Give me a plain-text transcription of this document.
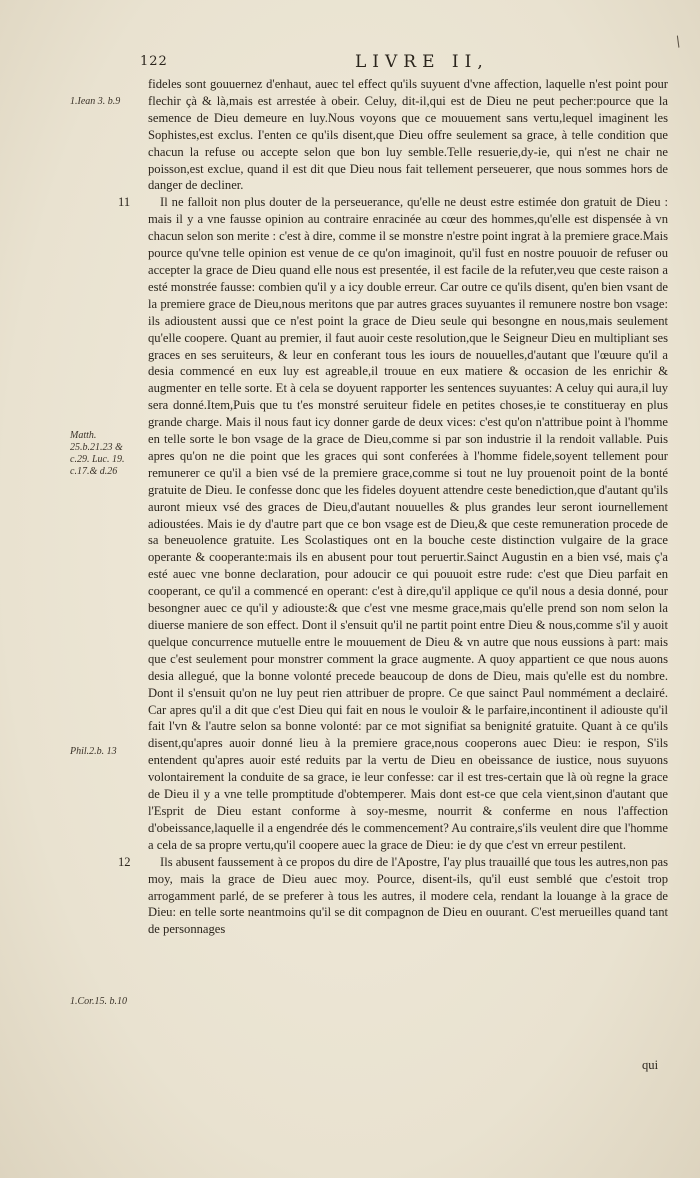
/
122	LIVRE II,
1.Iean 3. b.9
Matth. 25.b.21.23 & c.29. Luc. 19. c.17.& d.26
Phil.2.b. 13
1.Cor.15. b.10

fideles sont gouuernez d'enhaut, auec tel effect qu'ils suyuent d'vne affection, laquelle n'est point pour flechir çà & là,mais est arrestée à obeir. Celuy, dit-il,qui est de Dieu ne peut pecher:pource que la semence de Dieu demeure en luy.Nous voyons que ce mouuement sans vertu,lequel imaginent les Sophistes,est exclus. I'enten ce qu'ils disent,que Dieu offre seulement sa grace, à telle condition que chacun la refuse ou accepte selon que bon luy semble.Telle resuerie,dy-ie, qui n'est ne chair ne poisson,est exclue, quand il est dit que Dieu nous fait tellement perseuerer, que nous sommes hors de danger de decliner.

11	Il ne falloit non plus douter de la perseuerance, qu'elle ne deust estre estimée don gratuit de Dieu : mais il y a vne fausse opinion au contraire enracinée au cœur des hommes,qu'elle est dispensée à vn chacun selon son merite : c'est à dire, comme il se monstre n'estre point ingrat à la premiere grace.Mais pource qu'vne telle opinion est venue de ce qu'on imaginoit, qu'il fust en nostre pouuoir de refuser ou accepter la grace de Dieu quand elle nous est presentée, il est facile de la refuter,veu que ceste raison a esté monstrée fausse: combien qu'il y a icy double erreur. Car outre ce qu'ils disent, qu'en bien vsant de la premiere grace de Dieu,nous meritons que par autres graces suyuantes il remunere nostre bon vsage: ils adioustent aussi que ce n'est point la grace de Dieu seule qui besongne en nous,mais seulement qu'elle coopere. Quant au premier, il faut auoir ceste resolution,que le Seigneur Dieu en multipliant ses graces en ses seruiteurs, & leur en conferant tous les iours de nouuelles,d'autant que l'œuure qu'il a desia commencé en eux luy est agreable,il trouue en eux matiere & occasion de les enrichir & augmenter en telle sorte. Et à cela se doyuent rapporter les sentences suyuantes: A celuy qui aura,il luy sera donné.Item,Puis que tu t'es monstré seruiteur fidele en petites choses,ie te constitueray en plus grande charge. Mais il nous faut icy donner garde de deux vices: c'est qu'on n'attribue point à l'homme en telle sorte le bon vsage de la grace de Dieu,comme si par son industrie il la rendoit vallable. Puis apres qu'on ne die point que les graces qui sont conferées à l'homme fidele,soyent tellement pour remunerer ce qu'il a bien vsé de la premiere grace,comme si tout ne luy prouenoit point de la bonté gratuite de Dieu. Ie confesse donc que les fideles doyuent attendre ceste benediction,que d'autant qu'ils auront mieux vsé des graces de Dieu,d'autant nouuelles & plus grandes leur seront iournellement adioustées. Mais ie dy d'autre part que ce bon vsage est de Dieu,& que ceste remuneration procede de sa beneuolence gratuite. Les Scolastiques ont en la bouche ceste distinction vulgaire de la grace operante & cooperante:mais ils en abusent pour tout peruertir.Sainct Augustin en a bien vsé, mais ç'a esté auec vne bonne declaration, pour adoucir ce qui pouuoit estre rude: c'est que Dieu parfait en cooperant, ce qu'il a commencé en operant: c'est à dire,qu'il applique ce qu'il nous a desia donné, pour besongner auec ce qu'il y adiouste:& que c'est vne mesme grace,mais qu'elle prend son nom selon la diuerse maniere de son effect. Dont il s'ensuit qu'il ne partit point entre Dieu & nous,comme s'il y auoit quelque concurrence mutuelle entre le mouuement de Dieu & vn autre que nous eussions à part: mais que c'est seulement pour monstrer comment la grace augmente. A quoy appartient ce que nous auons desia allegué, que la bonne volonté precede beaucoup de dons de Dieu, mais qu'elle est du nombre. Dont il s'ensuit qu'on ne luy peut rien attribuer de propre. Ce que sainct Paul nommément a declairé. Car apres qu'il a dit que c'est Dieu qui fait en nous le vouloir & le parfaire,incontinent il adiouste qu'il fait l'vn & l'autre selon sa bonne volonté: par ce mot signifiat sa benignité gratuite. Quant à ce qu'ils disent,qu'apres auoir donné lieu à la premiere grace,nous cooperons auec Dieu: ie respon, S'ils entendent qu'apres auoir esté reduits par la vertu de Dieu en obeissance de iustice, nous suyuons volontairement la conduite de sa grace, ie leur confesse: car il est tres-certain que là où regne la grace de Dieu il y a vne telle promptitude d'obtemperer. Mais dont est-ce que cela vient,sinon d'autant que l'Esprit de Dieu estant conforme à soy-mesme, nourrit & conferme en nous l'affection d'obeissance,laquelle il a engendrée dés le commencement? Au contraire,s'ils veulent dire que l'homme a cela de sa propre vertu,qu'il coopere auec la grace de Dieu: ie dy que c'est vn erreur pestilent.

12	Ils abusent faussement à ce propos du dire de l'Apostre, I'ay plus trauaillé que tous les autres,non pas moy, mais la grace de Dieu auec moy. Pource, disent-ils, qu'il eust semblé que c'estoit trop arrogamment parlé, de se preferer à tous les autres, il modere cela, rendant la louange à la grace de Dieu: en telle sorte neantmoins qu'il se dit compagnon de Dieu en ouurant. C'est merueilles quand tant de personnages

qui
